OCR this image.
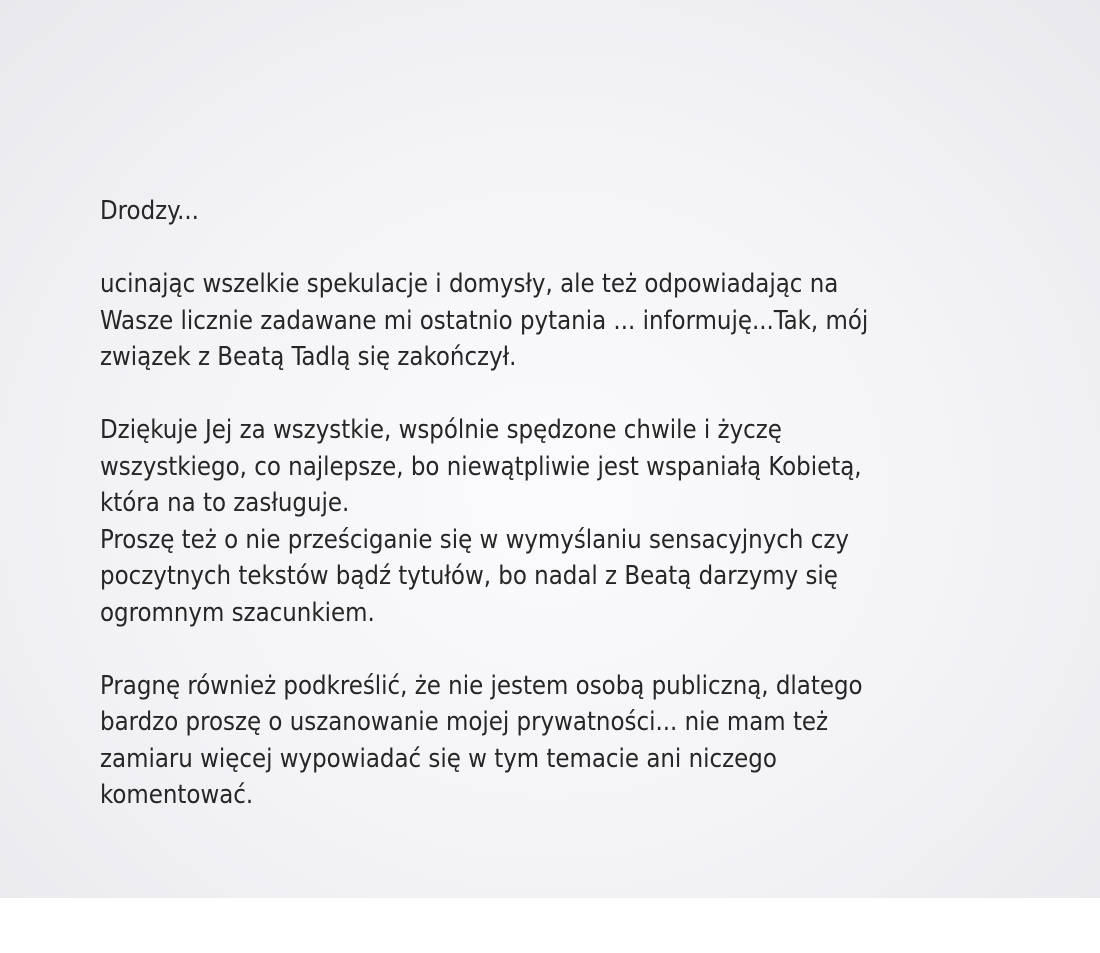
Drodzy...

ucinając wszelkie spekulacje i domysły, ale też odpowiadając na
Wasze licznie zadawane mi ostatnio pytania ... informuję...Tak, mój
związek z Beatą Tadlą się zakończył.

Dziękuje Jej za wszystkie, wspólnie spędzone chwile i życzę
wszystkiego, co najlepsze, bo niewątpliwie jest wspaniałą Kobietą,
która na to zasługuje.
Proszę też o nie prześciganie się w wymyślaniu sensacyjnych czy
poczytnych tekstów bądź tytułów, bo nadal z Beatą darzymy się
ogromnym szacunkiem.

Pragnę również podkreślić, że nie jestem osobą publiczną, dlatego
bardzo proszę o uszanowanie mojej prywatności... nie mam też
zamiaru więcej wypowiadać się w tym temacie ani niczego
komentować.
